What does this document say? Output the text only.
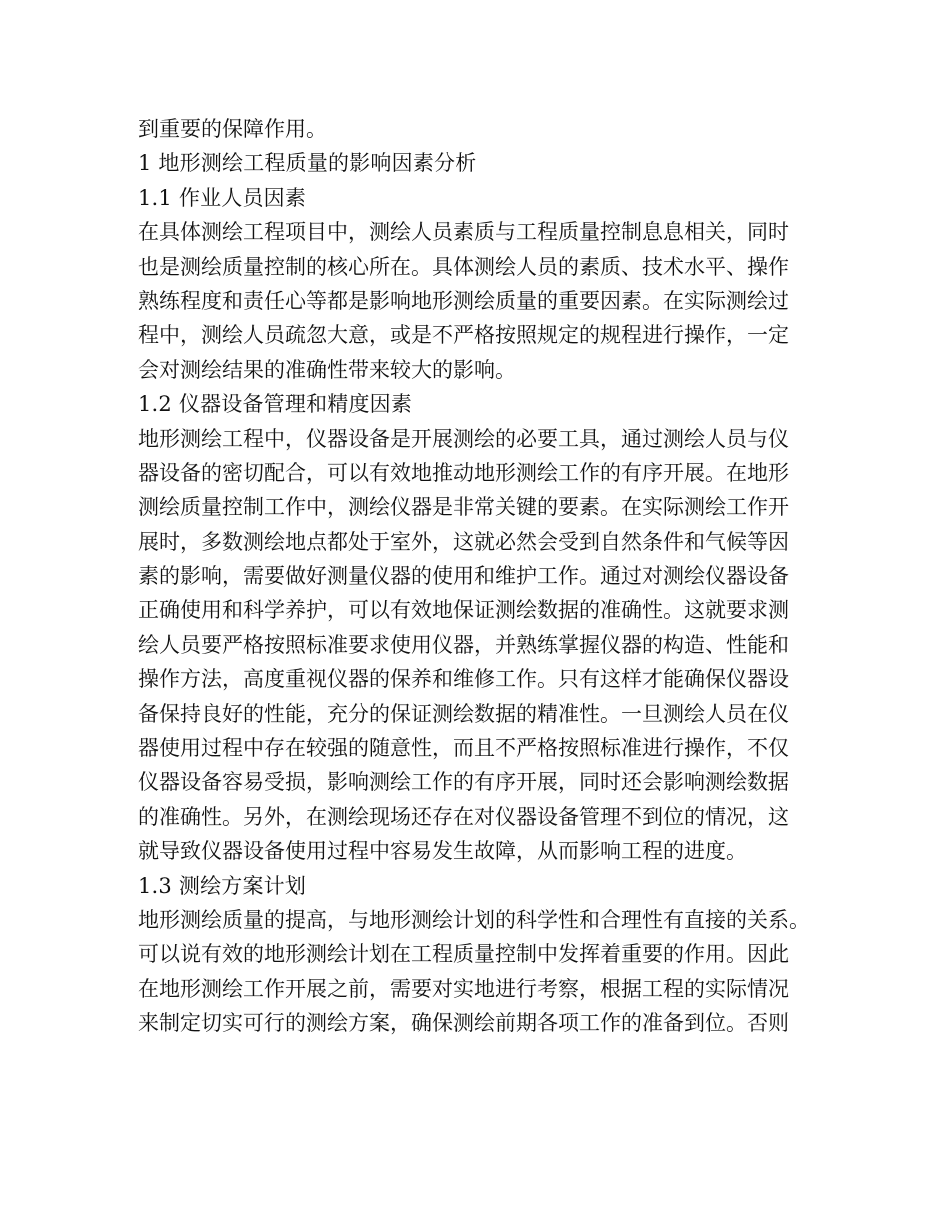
到重要的保障作用。
1 地形测绘工程质量的影响因素分析
1.1 作业人员因素
在具体测绘工程项目中，测绘人员素质与工程质量控制息息相关，同时
也是测绘质量控制的核心所在。具体测绘人员的素质、技术水平、操作
熟练程度和责任心等都是影响地形测绘质量的重要因素。在实际测绘过
程中，测绘人员疏忽大意，或是不严格按照规定的规程进行操作，一定
会对测绘结果的准确性带来较大的影响。
1.2 仪器设备管理和精度因素
地形测绘工程中，仪器设备是开展测绘的必要工具，通过测绘人员与仪
器设备的密切配合，可以有效地推动地形测绘工作的有序开展。在地形
测绘质量控制工作中，测绘仪器是非常关键的要素。在实际测绘工作开
展时，多数测绘地点都处于室外，这就必然会受到自然条件和气候等因
素的影响，需要做好测量仪器的使用和维护工作。通过对测绘仪器设备
正确使用和科学养护，可以有效地保证测绘数据的准确性。这就要求测
绘人员要严格按照标准要求使用仪器，并熟练掌握仪器的构造、性能和
操作方法，高度重视仪器的保养和维修工作。只有这样才能确保仪器设
备保持良好的性能，充分的保证测绘数据的精准性。一旦测绘人员在仪
器使用过程中存在较强的随意性，而且不严格按照标准进行操作，不仅
仪器设备容易受损，影响测绘工作的有序开展，同时还会影响测绘数据
的准确性。另外，在测绘现场还存在对仪器设备管理不到位的情况，这
就导致仪器设备使用过程中容易发生故障，从而影响工程的进度。
1.3 测绘方案计划
地形测绘质量的提高，与地形测绘计划的科学性和合理性有直接的关系。
可以说有效的地形测绘计划在工程质量控制中发挥着重要的作用。因此
在地形测绘工作开展之前，需要对实地进行考察，根据工程的实际情况
来制定切实可行的测绘方案，确保测绘前期各项工作的准备到位。否则
